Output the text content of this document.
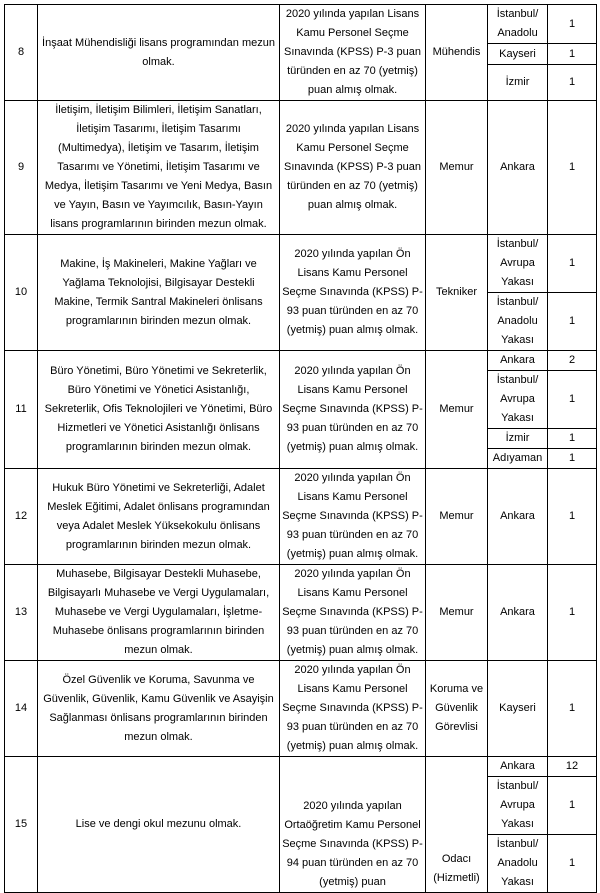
8	İnşaat Mühendisliği lisans programından mezun olmak.	2020 yılında yapılan Lisans Kamu Personel Seçme Sınavında (KPSS) P-3 puan türünden en az 70 (yetmiş) puan almış olmak.	Mühendis	İstanbul/ Anadolu	1
				Kayseri	1
				İzmir	1
9	İletişim, İletişim Bilimleri, İletişim Sanatları, İletişim Tasarımı, İletişim Tasarımı (Multimedya), İletişim ve Tasarım, İletişim Tasarımı ve Yönetimi, İletişim Tasarımı ve Medya, İletişim Tasarımı ve Yeni Medya, Basın ve Yayın, Basın ve Yayımcılık, Basın-Yayın lisans programlarının birinden mezun olmak.	2020 yılında yapılan Lisans Kamu Personel Seçme Sınavında (KPSS) P-3 puan türünden en az 70 (yetmiş) puan almış olmak.	Memur	Ankara	1
10	Makine, İş Makineleri, Makine Yağları ve Yağlama Teknolojisi, Bilgisayar Destekli Makine, Termik Santral Makineleri önlisans programlarının birinden mezun olmak.	2020 yılında yapılan Ön Lisans Kamu Personel Seçme Sınavında (KPSS) P-93 puan türünden en az 70 (yetmiş) puan almış olmak.	Tekniker	İstanbul/ Avrupa Yakası	1
				İstanbul/ Anadolu Yakası	1
11	Büro Yönetimi, Büro Yönetimi ve Sekreterlik, Büro Yönetimi ve Yönetici Asistanlığı, Sekreterlik, Ofis Teknolojileri ve Yönetimi, Büro Hizmetleri ve Yönetici Asistanlığı önlisans programlarının birinden mezun olmak.	2020 yılında yapılan Ön Lisans Kamu Personel Seçme Sınavında (KPSS) P-93 puan türünden en az 70 (yetmiş) puan almış olmak.	Memur	Ankara	2
				İstanbul/ Avrupa Yakası	1
				İzmir	1
				Adıyaman	1
12	Hukuk Büro Yönetimi ve Sekreterliği, Adalet Meslek Eğitimi, Adalet önlisans programından veya Adalet Meslek Yüksekokulu önlisans programlarının birinden mezun olmak.	2020 yılında yapılan Ön Lisans Kamu Personel Seçme Sınavında (KPSS) P-93 puan türünden en az 70 (yetmiş) puan almış olmak.	Memur	Ankara	1
13	Muhasebe, Bilgisayar Destekli Muhasebe, Bilgisayarlı Muhasebe ve Vergi Uygulamaları, Muhasebe ve Vergi Uygulamaları, İşletme-Muhasebe önlisans programlarının birinden mezun olmak.	2020 yılında yapılan Ön Lisans Kamu Personel Seçme Sınavında (KPSS) P-93 puan türünden en az 70 (yetmiş) puan almış olmak.	Memur	Ankara	1
14	Özel Güvenlik ve Koruma, Savunma ve Güvenlik, Güvenlik, Kamu Güvenlik ve Asayişin Sağlanması önlisans programlarının birinden mezun olmak.	2020 yılında yapılan Ön Lisans Kamu Personel Seçme Sınavında (KPSS) P-93 puan türünden en az 70 (yetmiş) puan almış olmak.	Koruma ve Güvenlik Görevlisi	Kayseri	1
15	Lise ve dengi okul mezunu olmak.	2020 yılında yapılan Ortaöğretim Kamu Personel Seçme Sınavında (KPSS) P-94 puan türünden en az 70 (yetmiş) puan	Odacı (Hizmetli)	Ankara	12
				İstanbul/ Avrupa Yakası	1
				İstanbul/ Anadolu Yakası	1
